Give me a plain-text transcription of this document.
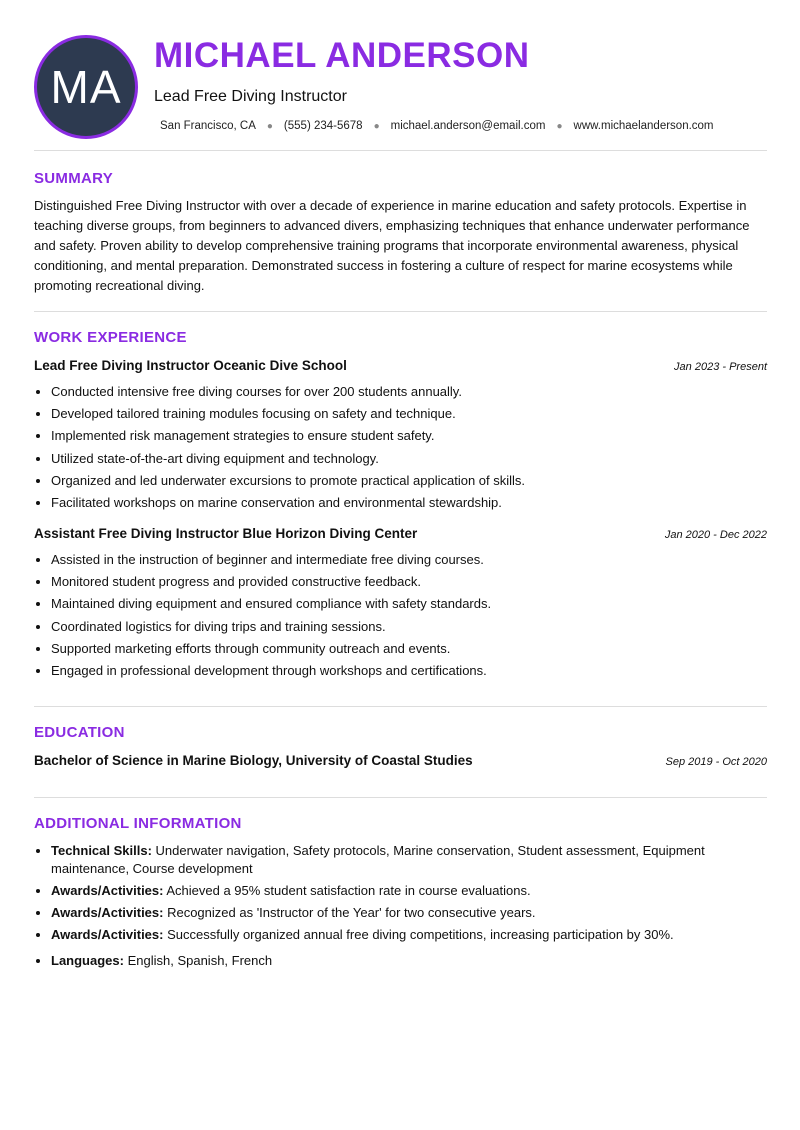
MA
MICHAEL ANDERSON
Lead Free Diving Instructor
San Francisco, CA ● (555) 234-5678 ● michael.anderson@email.com ● www.michaelanderson.com
SUMMARY

Distinguished Free Diving Instructor with over a decade of experience in marine education and safety protocols. Expertise in teaching diverse groups, from beginners to advanced divers, emphasizing techniques that enhance underwater performance and safety. Proven ability to develop comprehensive training programs that incorporate environmental awareness, physical conditioning, and mental preparation. Demonstrated success in fostering a culture of respect for marine ecosystems while promoting recreational diving.

WORK EXPERIENCE
Lead Free Diving Instructor Oceanic Dive School	Jan 2023 - Present
• Conducted intensive free diving courses for over 200 students annually.
• Developed tailored training modules focusing on safety and technique.
• Implemented risk management strategies to ensure student safety.
• Utilized state-of-the-art diving equipment and technology.
• Organized and led underwater excursions to promote practical application of skills.
• Facilitated workshops on marine conservation and environmental stewardship.
Assistant Free Diving Instructor Blue Horizon Diving Center	Jan 2020 - Dec 2022
• Assisted in the instruction of beginner and intermediate free diving courses.
• Monitored student progress and provided constructive feedback.
• Maintained diving equipment and ensured compliance with safety standards.
• Coordinated logistics for diving trips and training sessions.
• Supported marketing efforts through community outreach and events.
• Engaged in professional development through workshops and certifications.
EDUCATION
Bachelor of Science in Marine Biology, University of Coastal Studies	Sep 2019 - Oct 2020
ADDITIONAL INFORMATION
• Technical Skills: Underwater navigation, Safety protocols, Marine conservation, Student assessment, Equipment maintenance, Course development
• Awards/Activities: Achieved a 95% student satisfaction rate in course evaluations.
• Awards/Activities: Recognized as 'Instructor of the Year' for two consecutive years.
• Awards/Activities: Successfully organized annual free diving competitions, increasing participation by 30%.
• Languages: English, Spanish, French
